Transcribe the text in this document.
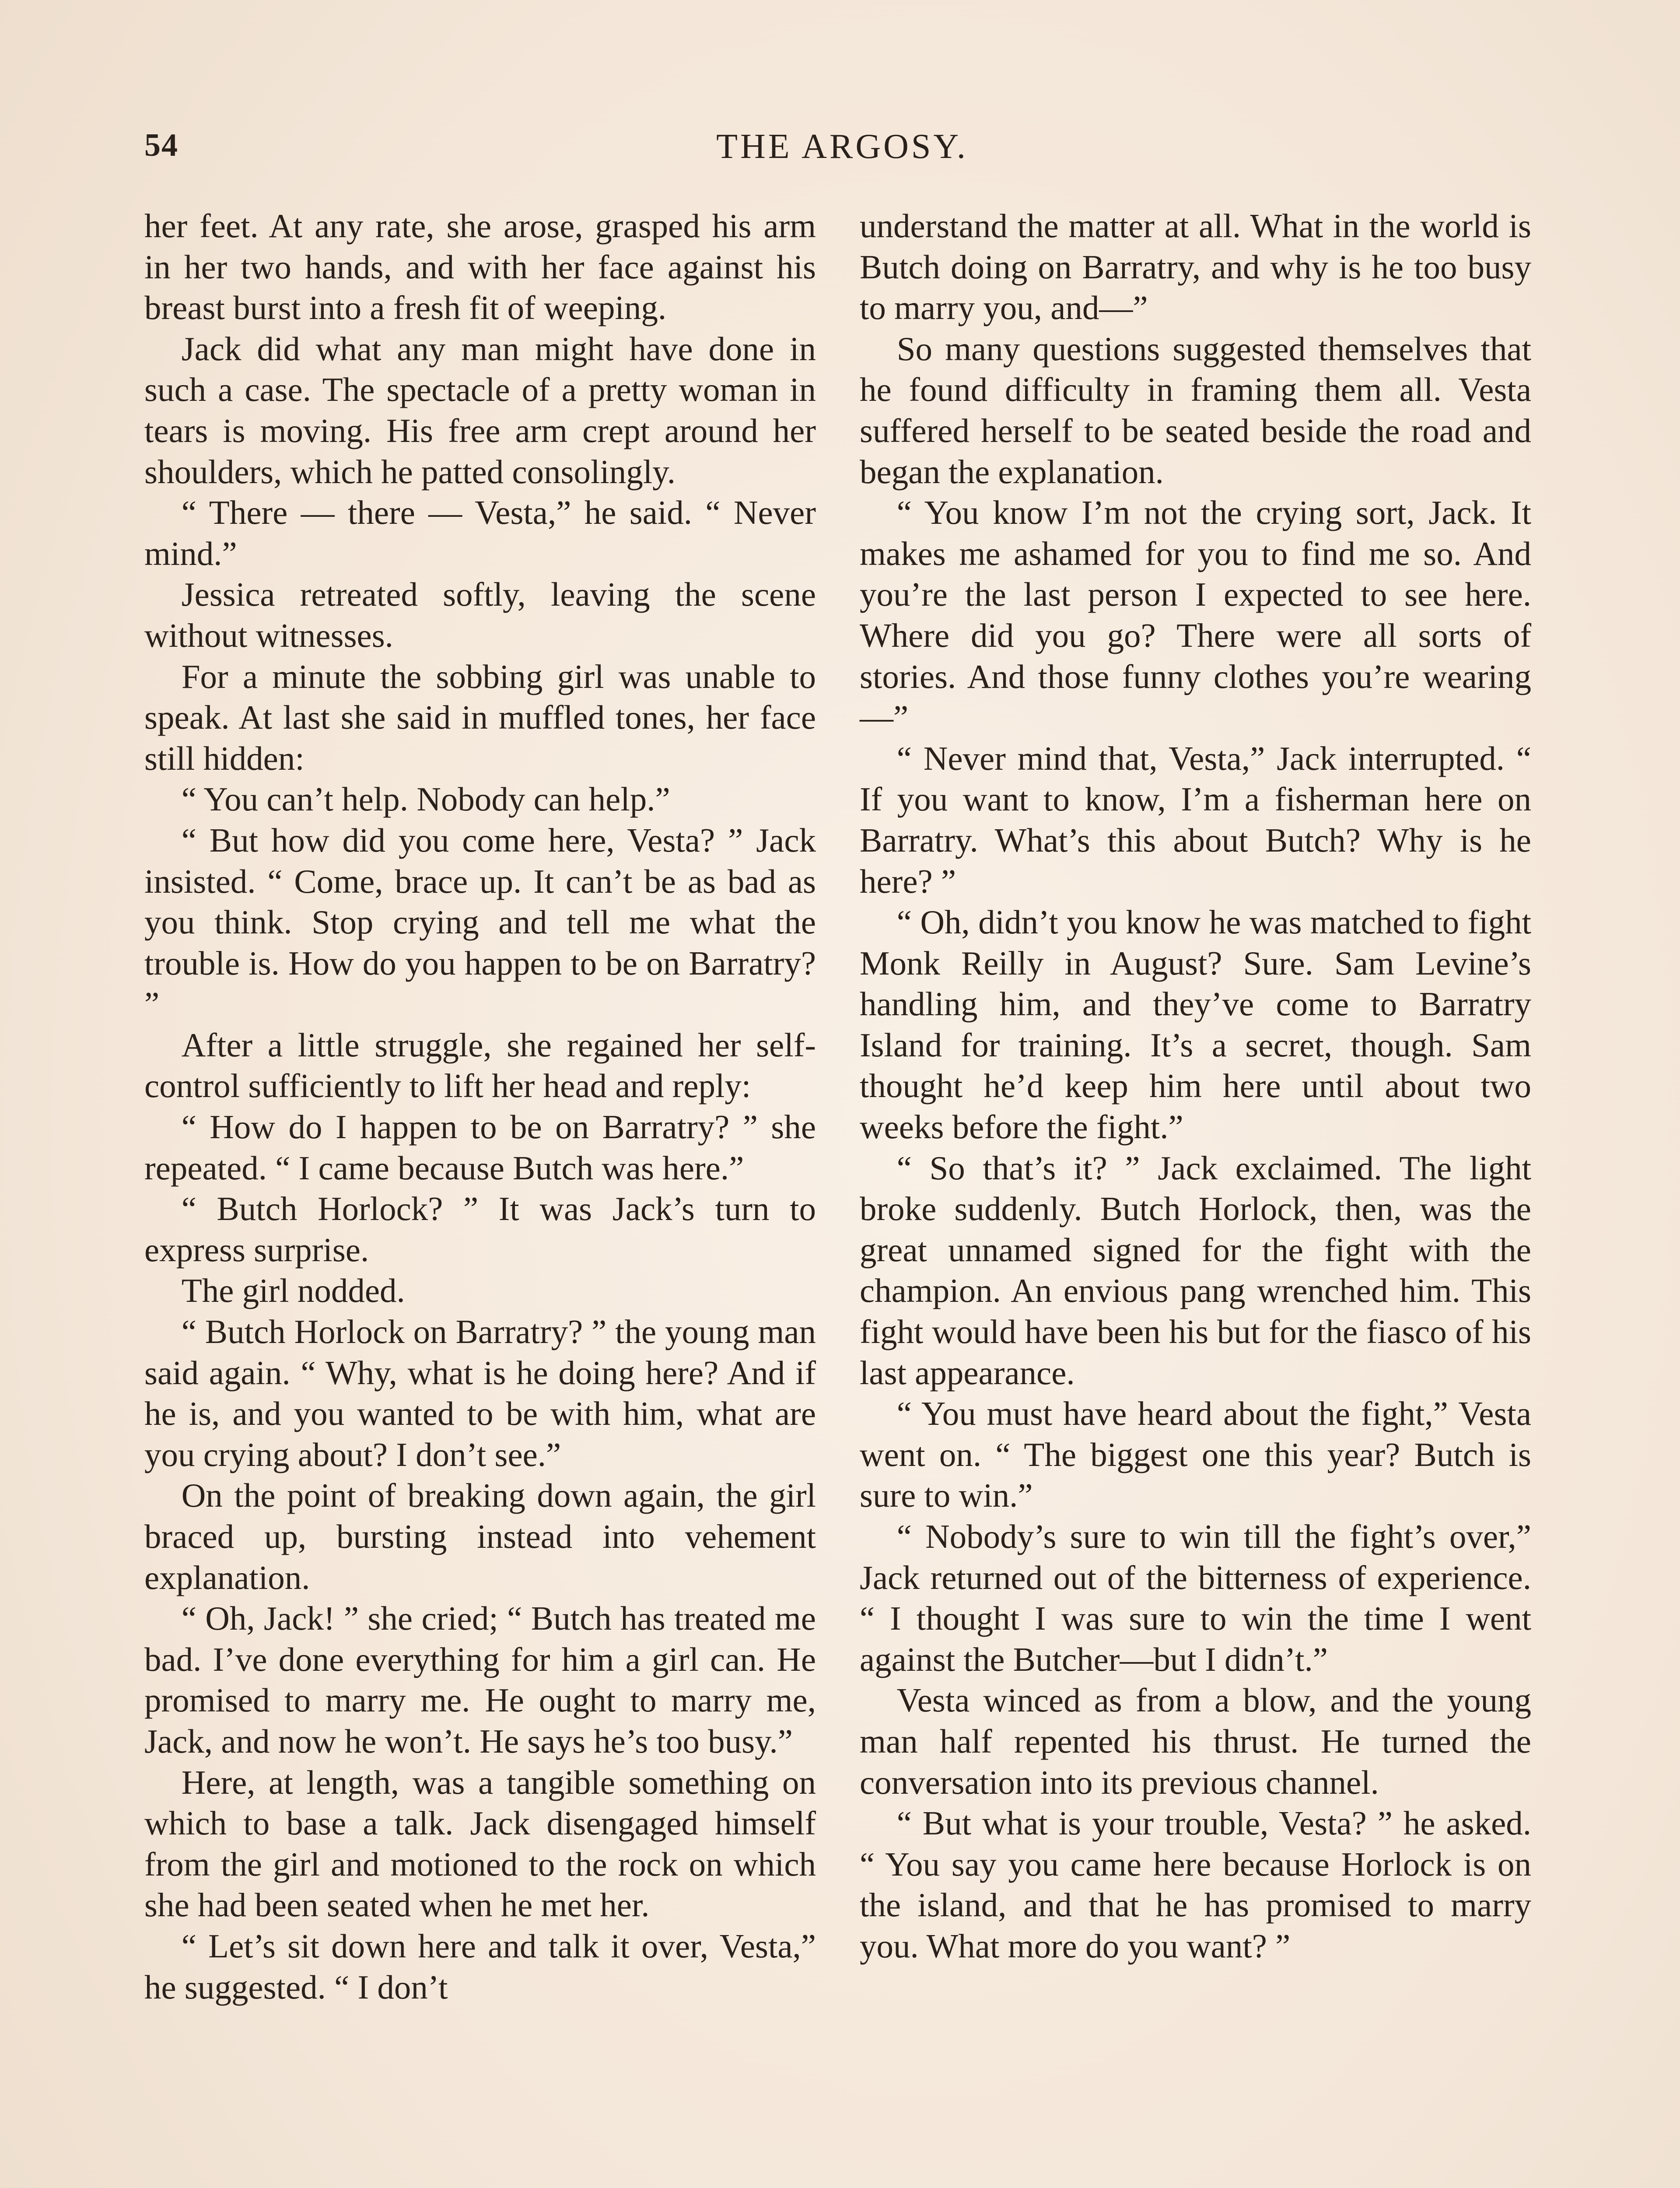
54	THE ARGOSY.

her feet. At any rate, she arose, grasped his arm in her two hands, and with her face against his breast burst into a fresh fit of weeping.

Jack did what any man might have done in such a case. The spectacle of a pretty woman in tears is moving. His free arm crept around her shoulders, which he patted consolingly.

“ There — there — Vesta,” he said. “ Never mind.”

Jessica retreated softly, leaving the scene without witnesses.

For a minute the sobbing girl was unable to speak. At last she said in muffled tones, her face still hidden:

“ You can’t help. Nobody can help.”

“ But how did you come here, Vesta? ” Jack insisted. “ Come, brace up. It can’t be as bad as you think. Stop crying and tell me what the trouble is. How do you happen to be on Barratry? ”

After a little struggle, she regained her self-control sufficiently to lift her head and reply:

“ How do I happen to be on Barratry? ” she repeated. “ I came because Butch was here.”

“ Butch Horlock? ” It was Jack’s turn to express surprise.

The girl nodded.

“ Butch Horlock on Barratry? ” the young man said again. “ Why, what is he doing here? And if he is, and you wanted to be with him, what are you crying about? I don’t see.”

On the point of breaking down again, the girl braced up, bursting instead into vehement explanation.

“ Oh, Jack! ” she cried; “ Butch has treated me bad. I’ve done everything for him a girl can. He promised to marry me. He ought to marry me, Jack, and now he won’t. He says he’s too busy.”

Here, at length, was a tangible something on which to base a talk. Jack disengaged himself from the girl and motioned to the rock on which she had been seated when he met her.

“ Let’s sit down here and talk it over, Vesta,” he suggested. “ I don’t

understand the matter at all. What in the world is Butch doing on Barratry, and why is he too busy to marry you, and—”

So many questions suggested themselves that he found difficulty in framing them all. Vesta suffered herself to be seated beside the road and began the explanation.

“ You know I’m not the crying sort, Jack. It makes me ashamed for you to find me so. And you’re the last person I expected to see here. Where did you go? There were all sorts of stories. And those funny clothes you’re wearing—”

“ Never mind that, Vesta,” Jack interrupted. “ If you want to know, I’m a fisherman here on Barratry. What’s this about Butch? Why is he here? ”

“ Oh, didn’t you know he was matched to fight Monk Reilly in August? Sure. Sam Levine’s handling him, and they’ve come to Barratry Island for training. It’s a secret, though. Sam thought he’d keep him here until about two weeks before the fight.”

“ So that’s it? ” Jack exclaimed. The light broke suddenly. Butch Horlock, then, was the great unnamed signed for the fight with the champion. An envious pang wrenched him. This fight would have been his but for the fiasco of his last appearance.

“ You must have heard about the fight,” Vesta went on. “ The biggest one this year? Butch is sure to win.”

“ Nobody’s sure to win till the fight’s over,” Jack returned out of the bitterness of experience. “ I thought I was sure to win the time I went against the Butcher—but I didn’t.”

Vesta winced as from a blow, and the young man half repented his thrust. He turned the conversation into its previous channel.

“ But what is your trouble, Vesta? ” he asked. “ You say you came here because Horlock is on the island, and that he has promised to marry you. What more do you want? ”
